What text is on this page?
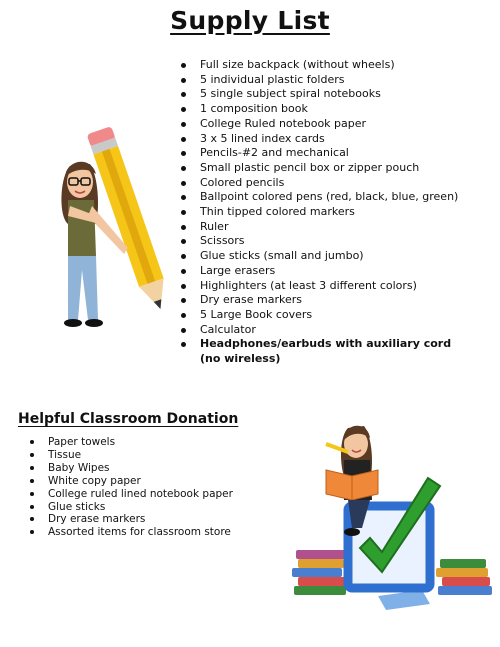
Supply List
Full size backpack (without wheels)
5 individual plastic folders
5 single subject spiral notebooks
1 composition book
College Ruled notebook paper
3 x 5 lined index cards
Pencils-#2 and mechanical
Small plastic pencil box or zipper pouch
Colored pencils
Ballpoint colored pens (red, black, blue, green)
Thin tipped colored markers
Ruler
Scissors
Glue sticks (small and jumbo)
Large erasers
Highlighters (at least 3 different colors)
Dry erase markers
5 Large Book covers
Calculator
Headphones/earbuds with auxiliary cord (no wireless)
Helpful Classroom Donation
Paper towels
Tissue
Baby Wipes
White copy paper
College ruled lined notebook paper
Glue sticks
Dry erase markers
Assorted items for classroom store
